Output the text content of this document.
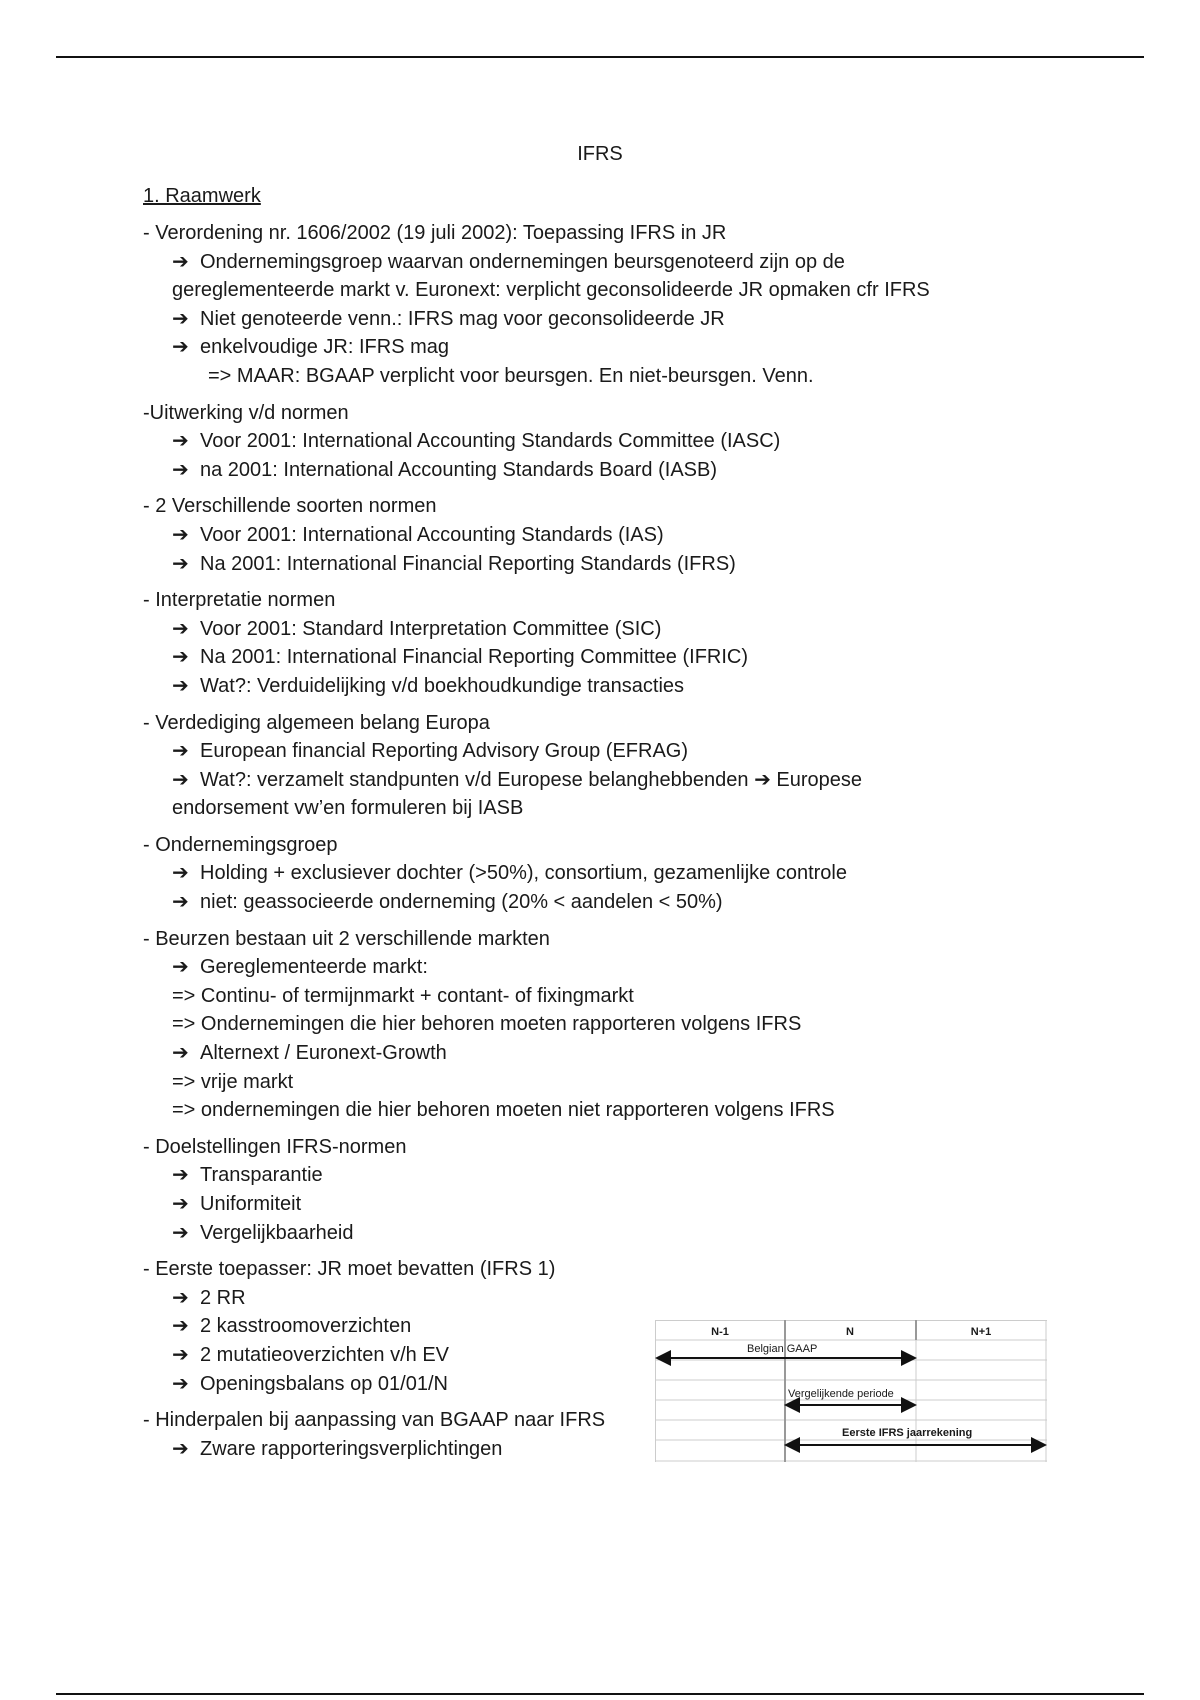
IFRS
1. Raamwerk
- Verordening nr. 1606/2002 (19 juli 2002): Toepassing IFRS in JR
➔ Ondernemingsgroep waarvan ondernemingen beursgenoteerd zijn op de
gereglementeerde markt v. Euronext: verplicht geconsolideerde JR opmaken cfr IFRS
➔ Niet genoteerde venn.: IFRS mag voor geconsolideerde JR
➔ enkelvoudige JR: IFRS mag
=> MAAR: BGAAP verplicht voor beursgen. En niet-beursgen. Venn.
-Uitwerking v/d normen
➔ Voor 2001: International Accounting Standards Committee (IASC)
➔ na 2001: International Accounting Standards Board (IASB)
- 2 Verschillende soorten normen
➔ Voor 2001: International Accounting Standards (IAS)
➔ Na 2001: International Financial Reporting Standards (IFRS)
- Interpretatie normen
➔ Voor 2001: Standard Interpretation Committee (SIC)
➔ Na 2001: International Financial Reporting Committee (IFRIC)
➔ Wat?: Verduidelijking v/d boekhoudkundige transacties
- Verdediging algemeen belang Europa
➔ European financial Reporting Advisory Group (EFRAG)
➔ Wat?: verzamelt standpunten v/d Europese belanghebbenden ➔ Europese
endorsement vw’en formuleren bij IASB
- Ondernemingsgroep
➔ Holding + exclusiever dochter (>50%), consortium, gezamenlijke controle
➔ niet: geassocieerde onderneming (20% < aandelen < 50%)
- Beurzen bestaan uit 2 verschillende markten
➔ Gereglementeerde markt:
=> Continu- of termijnmarkt + contant- of fixingmarkt
=> Ondernemingen die hier behoren moeten rapporteren volgens IFRS
➔ Alternext / Euronext-Growth
=> vrije markt
=> ondernemingen die hier behoren moeten niet rapporteren volgens IFRS
- Doelstellingen IFRS-normen
➔ Transparantie
➔ Uniformiteit
➔ Vergelijkbaarheid
- Eerste toepasser: JR moet bevatten (IFRS 1)
➔ 2 RR
➔ 2 kasstroomoverzichten
➔ 2 mutatieoverzichten v/h EV
➔ Openingsbalans op 01/01/N
- Hinderpalen bij aanpassing van BGAAP naar IFRS
➔ Zware rapporteringsverplichtingen
N-1	N	N+1
Belgian GAAP
Vergelijkende periode
Eerste IFRS jaarrekening
